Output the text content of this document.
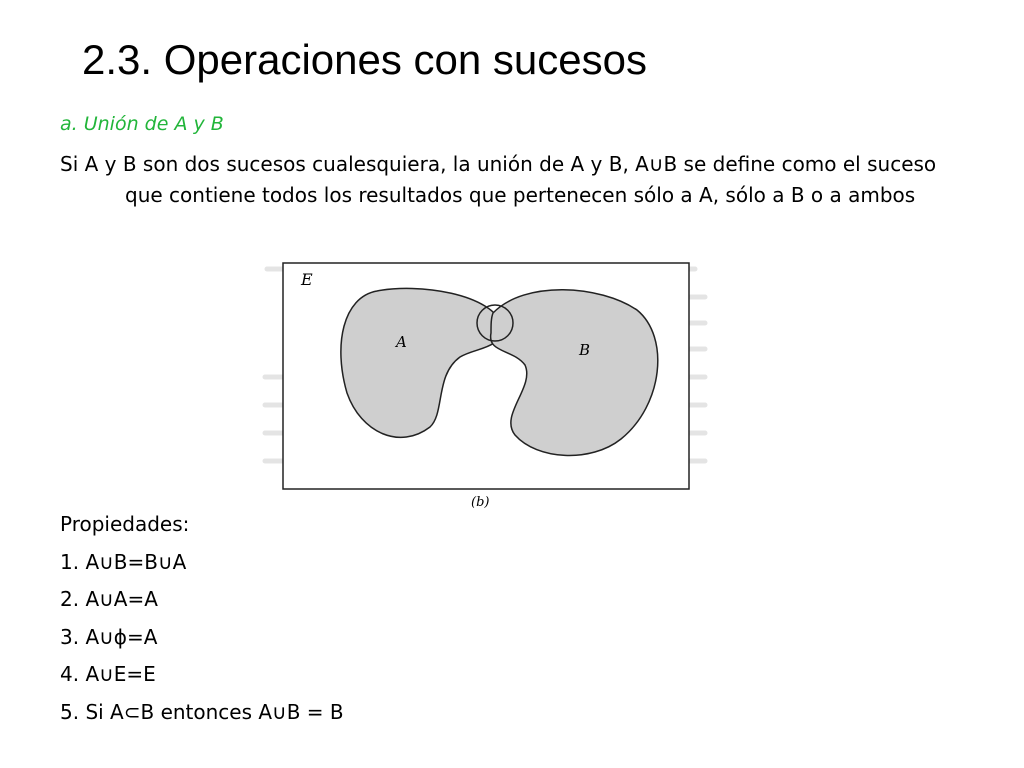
2.3. Operaciones con sucesos
a. Unión de A y B
Si A y B son dos sucesos cualesquiera, la unión de A y B, A∪B se define como el suceso que contiene todos los resultados que pertenecen sólo a A, sólo a B o a ambos
E
A	B
(b)
Propiedades:
1. A∪B=B∪A
2. A∪A=A
3. A∪ϕ=A
4. A∪E=E
5. Si A⊂B entonces A∪B = B
